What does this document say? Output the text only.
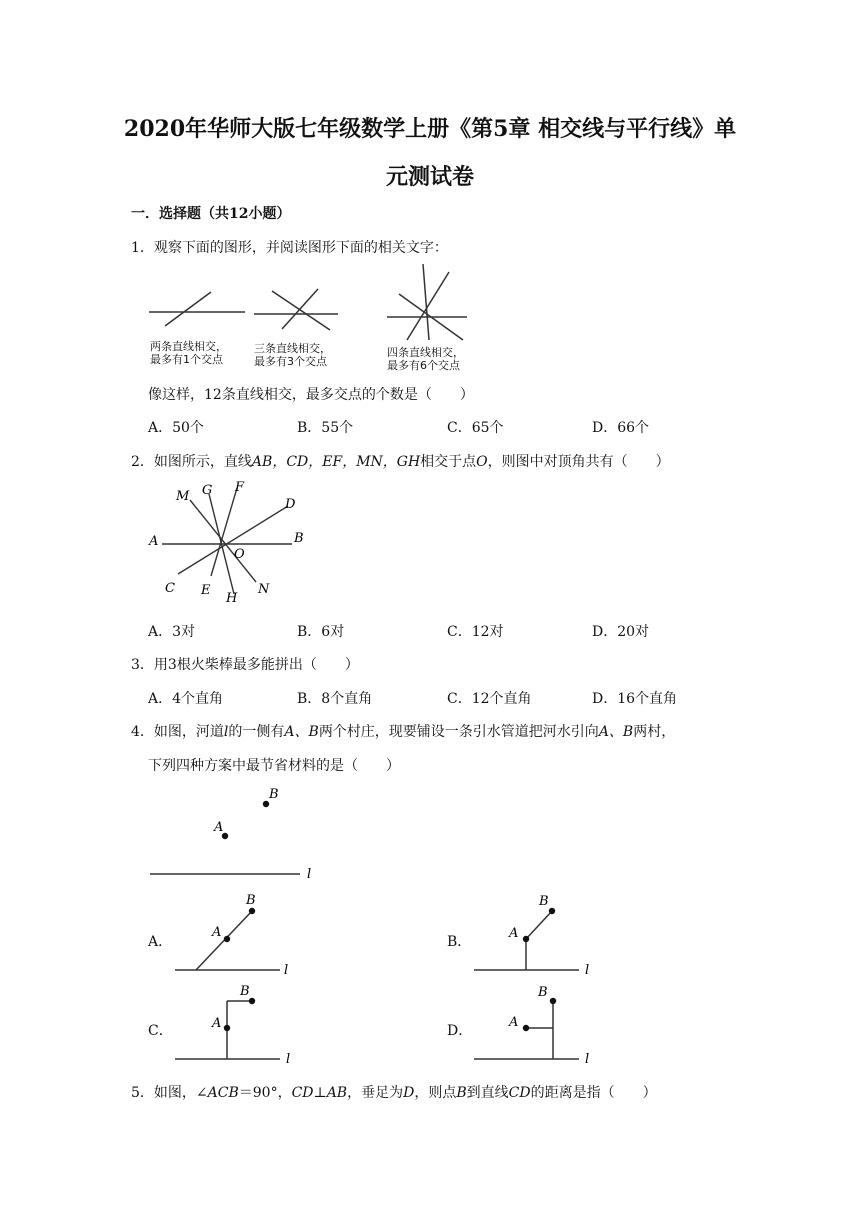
2020年华师大版七年级数学上册《第5章 相交线与平行线》单
元测试卷
一．选择题（共12小题）
1．观察下面的图形，并阅读图形下面的相关文字：
两条直线相交，
最多有1个交点
三条直线相交，
最多有3个交点
四条直线相交，
最多有6个交点
像这样，12条直线相交，最多交点的个数是（　　）
A．50个	B．55个	C．65个	D．66个
2．如图所示，直线AB，CD，EF，MN，GH相交于点O，则图中对顶角共有（　　）
M G F
D
A	B
O
C E
H
N
A．3对	B．6对	C．12对	D．20对
3．用3根火柴棒最多能拼出（　　）
A．4个直角	B．8个直角	C．12个直角	D．16个直角
4．如图，河道l的一侧有A、B两个村庄，现要铺设一条引水管道把河水引向A、B两村，
下列四种方案中最节省材料的是（　　）
A
B
l
A．
A
B
l
B．
A
B
l
C．	A
B
l
D．
A
B
l
5．如图，∠ACB＝90°，CD⊥AB，垂足为D，则点B到直线CD的距离是指（　　）
